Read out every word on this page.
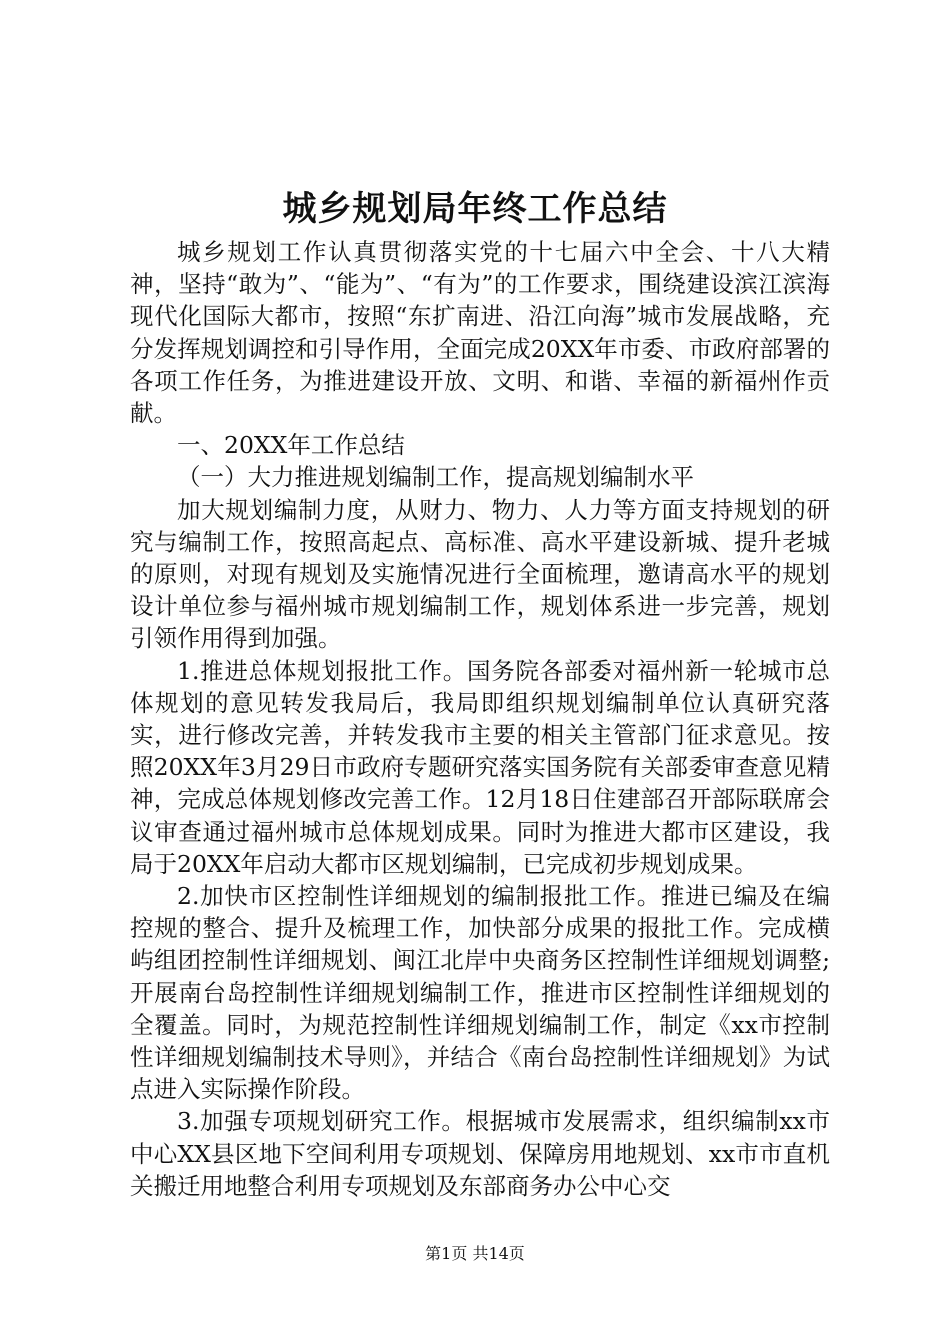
城乡规划局年终工作总结

城乡规划工作认真贯彻落实党的十七届六中全会、十八大精神，坚持“敢为”、“能为”、“有为”的工作要求，围绕建设滨江滨海现代化国际大都市，按照“东扩南进、沿江向海”城市发展战略，充分发挥规划调控和引导作用，全面完成20XX年市委、市政府部署的各项工作任务，为推进建设开放、文明、和谐、幸福的新福州作贡献。

一、20XX年工作总结

（一）大力推进规划编制工作，提高规划编制水平

加大规划编制力度，从财力、物力、人力等方面支持规划的研究与编制工作，按照高起点、高标准、高水平建设新城、提升老城的原则，对现有规划及实施情况进行全面梳理，邀请高水平的规划设计单位参与福州城市规划编制工作，规划体系进一步完善，规划引领作用得到加强。

1.推进总体规划报批工作。国务院各部委对福州新一轮城市总体规划的意见转发我局后，我局即组织规划编制单位认真研究落实，进行修改完善，并转发我市主要的相关主管部门征求意见。按照20XX年3月29日市政府专题研究落实国务院有关部委审查意见精神，完成总体规划修改完善工作。12月18日住建部召开部际联席会议审查通过福州城市总体规划成果。同时为推进大都市区建设，我局于20XX年启动大都市区规划编制，已完成初步规划成果。

2.加快市区控制性详细规划的编制报批工作。推进已编及在编控规的整合、提升及梳理工作，加快部分成果的报批工作。完成横屿组团控制性详细规划、闽江北岸中央商务区控制性详细规划调整;开展南台岛控制性详细规划编制工作，推进市区控制性详细规划的全覆盖。同时，为规范控制性详细规划编制工作，制定《xx市控制性详细规划编制技术导则》，并结合《南台岛控制性详细规划》为试点进入实际操作阶段。

3.加强专项规划研究工作。根据城市发展需求，组织编制xx市中心XX县区地下空间利用专项规划、保障房用地规划、xx市市直机关搬迁用地整合利用专项规划及东部商务办公中心交

第1页 共14页
